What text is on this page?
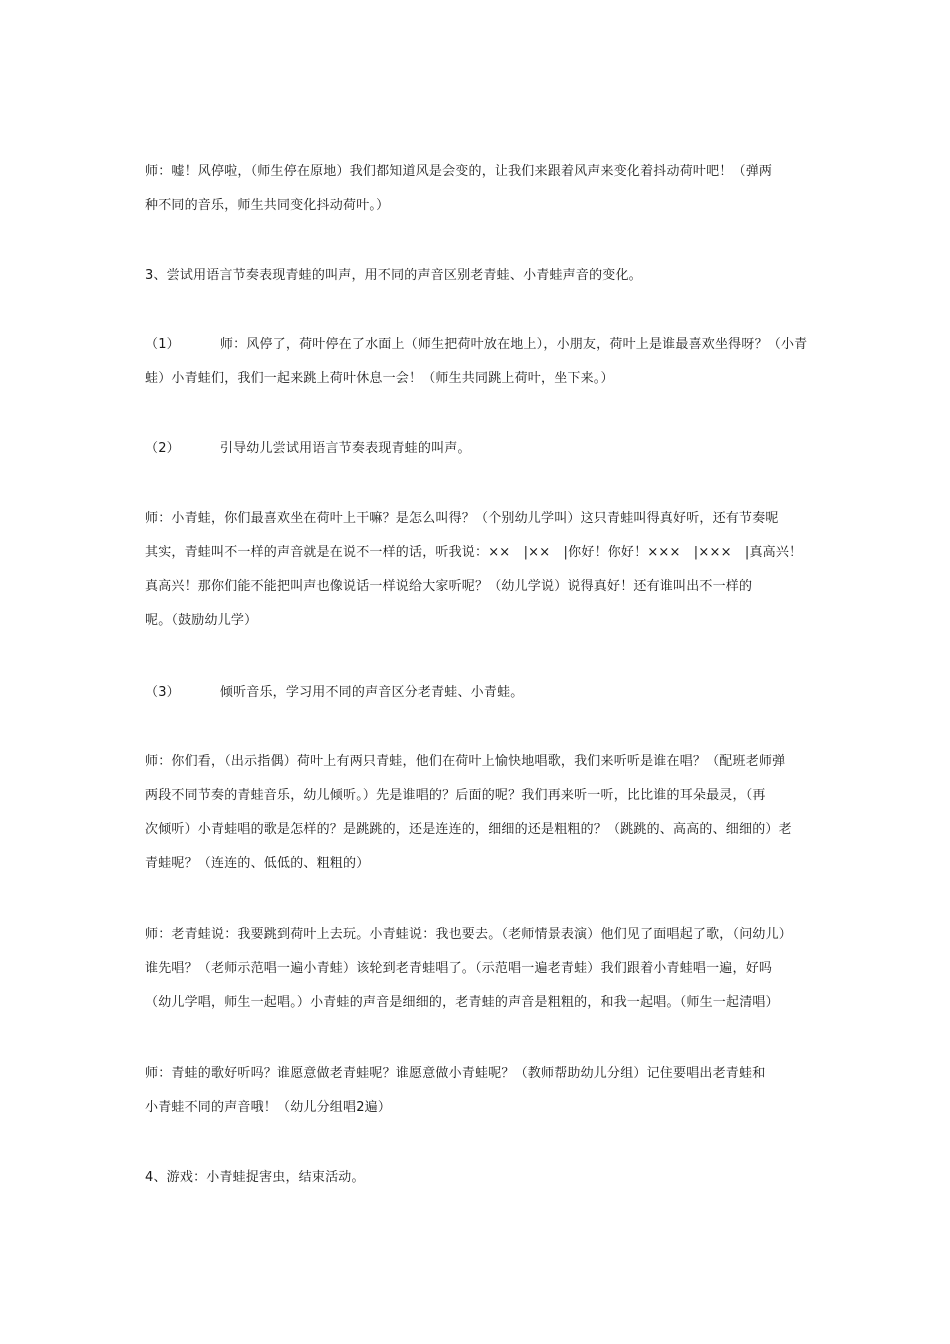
师：嘘！风停啦，（师生停在原地）我们都知道风是会变的，让我们来跟着风声来变化着抖动荷叶吧！（弹两
种不同的音乐，师生共同变化抖动荷叶。）

3、尝试用语言节奏表现青蛙的叫声，用不同的声音区别老青蛙、小青蛙声音的变化。

（1）	师：风停了，荷叶停在了水面上（师生把荷叶放在地上），小朋友，荷叶上是谁最喜欢坐得呀？（小青
蛙）小青蛙们，我们一起来跳上荷叶休息一会！（师生共同跳上荷叶，坐下来。）

（2）	引导幼儿尝试用语言节奏表现青蛙的叫声。

师：小青蛙，你们最喜欢坐在荷叶上干嘛？是怎么叫得？（个别幼儿学叫）这只青蛙叫得真好听，还有节奏呢
其实，青蛙叫不一样的声音就是在说不一样的话，听我说：××　|××　|你好！你好！×××　|×××　|真高兴！
真高兴！那你们能不能把叫声也像说话一样说给大家听呢？（幼儿学说）说得真好！还有谁叫出不一样的
呢。（鼓励幼儿学）

（3）	倾听音乐，学习用不同的声音区分老青蛙、小青蛙。

师：你们看，（出示指偶）荷叶上有两只青蛙，他们在荷叶上愉快地唱歌，我们来听听是谁在唱？（配班老师弹
两段不同节奏的青蛙音乐，幼儿倾听。）先是谁唱的？后面的呢？我们再来听一听，比比谁的耳朵最灵，（再
次倾听）小青蛙唱的歌是怎样的？是跳跳的，还是连连的，细细的还是粗粗的？（跳跳的、高高的、细细的）老
青蛙呢？（连连的、低低的、粗粗的）

师：老青蛙说：我要跳到荷叶上去玩。小青蛙说：我也要去。（老师情景表演）他们见了面唱起了歌，（问幼儿）
谁先唱？（老师示范唱一遍小青蛙）该轮到老青蛙唱了。（示范唱一遍老青蛙）我们跟着小青蛙唱一遍，好吗
（幼儿学唱，师生一起唱。）小青蛙的声音是细细的，老青蛙的声音是粗粗的，和我一起唱。（师生一起清唱）

师：青蛙的歌好听吗？谁愿意做老青蛙呢？谁愿意做小青蛙呢？（教师帮助幼儿分组）记住要唱出老青蛙和
小青蛙不同的声音哦！（幼儿分组唱2遍）

4、游戏：小青蛙捉害虫，结束活动。
